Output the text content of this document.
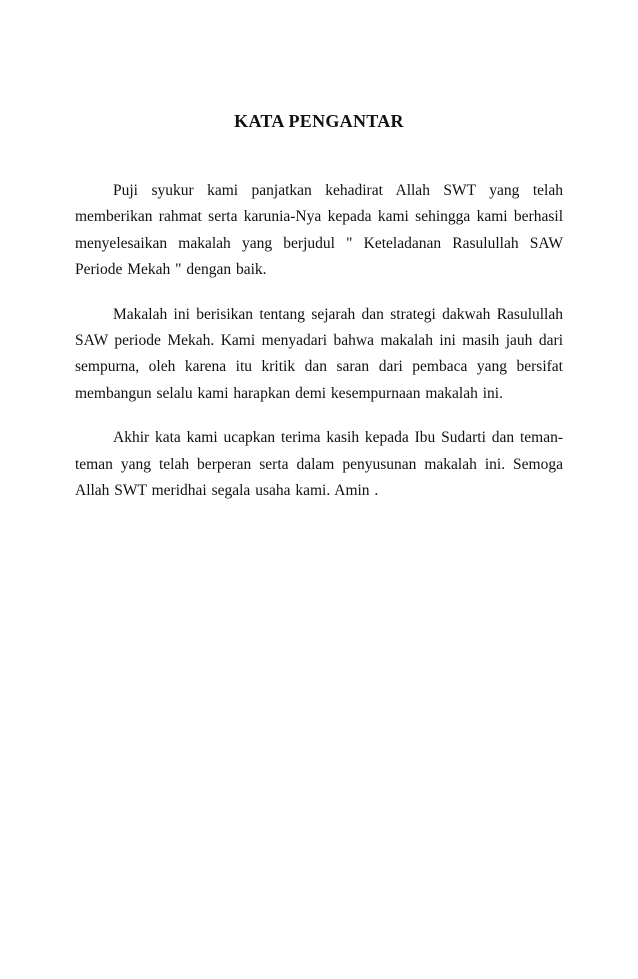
KATA PENGANTAR

Puji syukur kami panjatkan kehadirat Allah SWT yang telah memberikan rahmat serta karunia-Nya kepada kami sehingga kami berhasil menyelesaikan makalah yang berjudul " Keteladanan Rasulullah SAW Periode Mekah " dengan baik.

Makalah ini berisikan tentang sejarah dan strategi dakwah Rasulullah SAW periode Mekah. Kami menyadari bahwa makalah ini masih jauh dari sempurna, oleh karena itu kritik dan saran dari pembaca yang bersifat membangun selalu kami harapkan demi kesempurnaan makalah ini.

Akhir kata kami ucapkan terima kasih kepada Ibu Sudarti dan teman-teman yang telah berperan serta dalam penyusunan makalah ini. Semoga Allah SWT meridhai segala usaha kami. Amin .
